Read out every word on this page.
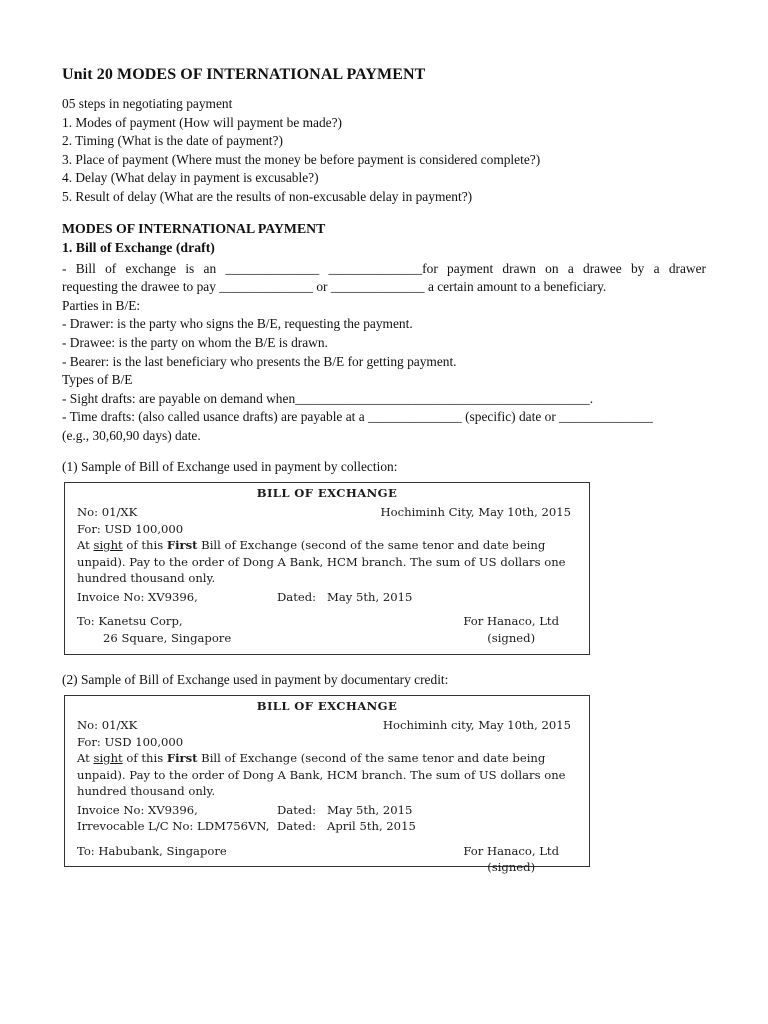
Unit 20 MODES OF INTERNATIONAL PAYMENT
05 steps in negotiating payment
1. Modes of payment (How will payment be made?)
2. Timing (What is the date of payment?)
3. Place of payment (Where must the money be before payment is considered complete?)
4. Delay (What delay in payment is excusable?)
5. Result of delay (What are the results of non-excusable delay in payment?)
MODES OF INTERNATIONAL PAYMENT
1. Bill of Exchange (draft)
- Bill of exchange is an ______________ ______________for payment drawn on a drawee by a drawer
requesting the drawee to pay ______________ or ______________ a certain amount to a beneficiary.
Parties in B/E:
- Drawer: is the party who signs the B/E, requesting the payment.
- Drawee: is the party on whom the B/E is drawn.
- Bearer: is the last beneficiary who presents the B/E for getting payment.
Types of B/E
- Sight drafts: are payable on demand when____________________________________________.
- Time drafts: (also called usance drafts) are payable at a ______________ (specific) date or ______________
(e.g., 30,60,90 days) date.
(1) Sample of Bill of Exchange used in payment by collection:
BILL OF EXCHANGE
No: 01/XK	Hochiminh City, May 10th, 2015
For: USD 100,000
At sight of this First Bill of Exchange (second of the same tenor and date being unpaid). Pay to the order of Dong A Bank, HCM branch. The sum of US dollars one hundred thousand only.
Invoice No: XV9396,	Dated: May 5th, 2015
To: Kanetsu Corp,
26 Square, Singapore
For Hanaco, Ltd
(signed)
(2) Sample of Bill of Exchange used in payment by documentary credit:
BILL OF EXCHANGE
No: 01/XK	Hochiminh city, May 10th, 2015
For: USD 100,000
At sight of this First Bill of Exchange (second of the same tenor and date being unpaid). Pay to the order of Dong A Bank, HCM branch. The sum of US dollars one hundred thousand only.
Invoice No: XV9396,	Dated: May 5th, 2015
Irrevocable L/C No: LDM756VN, Dated: April 5th, 2015
To: Habubank, Singapore	For Hanaco, Ltd
(signed)
